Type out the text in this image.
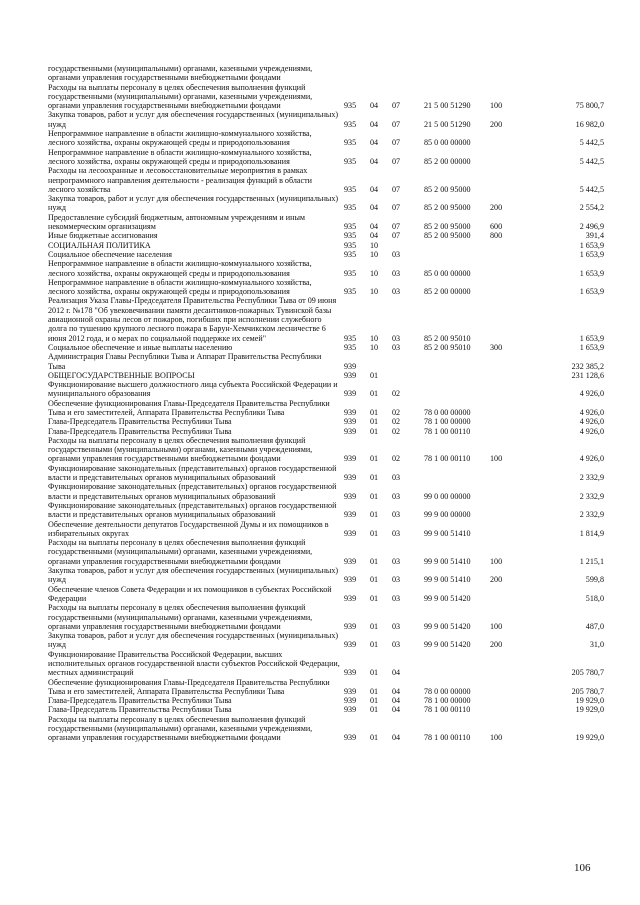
государственными (муниципальными) органами, казенными учреждениями, органами управления государственными внебюджетными фондами
Расходы на выплаты персоналу в целях обеспечения выполнения функций государственными (муниципальными) органами, казенными учреждениями, органами управления государственными внебюджетными фондами	935	04	07	21 5 00 51290	100	75 800,7
Закупка товаров, работ и услуг для обеспечения государственных (муниципальных) нужд	935	04	07	21 5 00 51290	200	16 982,0
Непрограммное направление в области жилищно-коммунального хозяйства, лесного хозяйства, охраны окружающей среды и природопользования	935	04	07	85 0 00 00000	5 442,5
Непрограммное направление в области жилищно-коммунального хозяйства, лесного хозяйства, охраны окружающей среды и природопользования	935	04	07	85 2 00 00000	5 442,5
Расходы на лесоохранные и лесовосстановительные мероприятия в рамках непрограммного направления деятельности - реализация функций в области лесного хозяйства	935	04	07	85 2 00 95000	5 442,5
Закупка товаров, работ и услуг для обеспечения государственных (муниципальных) нужд	935	04	07	85 2 00 95000	200	2 554,2
Предоставление субсидий бюджетным, автономным учреждениям и иным некоммерческим организациям	935	04	07	85 2 00 95000	600	2 496,9
Иные бюджетные ассигнования	935	04	07	85 2 00 95000	800	391,4
СОЦИАЛЬНАЯ ПОЛИТИКА	935	10	1 653,9
Социальное обеспечение населения	935	10	03	1 653,9
Непрограммное направление в области жилищно-коммунального хозяйства, лесного хозяйства, охраны окружающей среды и природопользования	935	10	03	85 0 00 00000	1 653,9
Непрограммное направление в области жилищно-коммунального хозяйства, лесного хозяйства, охраны окружающей среды и природопользования	935	10	03	85 2 00 00000	1 653,9
Реализация Указа Главы-Председателя Правительства Республики Тыва от 09 июня 2012 г. №178 "Об увековечивании памяти десантников-пожарных Тувинской базы авиационной охраны лесов от пожаров, погибших при исполнении служебного долга по тушению крупного лесного пожара в Барун-Хемчикском лесничестве 6 июня 2012 года, и о мерах по социальной поддержке их семей"	935	10	03	85 2 00 95010	1 653,9
Социальное обеспечение и иные выплаты населению	935	10	03	85 2 00 95010	300	1 653,9
Администрация Главы Республики Тыва и Аппарат Правительства Республики Тыва	939	232 385,2
ОБЩЕГОСУДАРСТВЕННЫЕ ВОПРОСЫ	939	01	231 128,6
Функционирование высшего должностного лица субъекта Российской Федерации и муниципального образования	939	01	02	4 926,0
Обеспечение функционирования Главы-Председателя Правительства Республики Тыва и его заместителей, Аппарата Правительства Республики Тыва	939	01	02	78 0 00 00000	4 926,0
Глава-Председатель Правительства Республики Тыва	939	01	02	78 1 00 00000	4 926,0
Глава-Председатель Правительства Республики Тыва	939	01	02	78 1 00 00110	4 926,0
Расходы на выплаты персоналу в целях обеспечения выполнения функций государственными (муниципальными) органами, казенными учреждениями, органами управления государственными внебюджетными фондами	939	01	02	78 1 00 00110	100	4 926,0
Функционирование законодательных (представительных) органов государственной власти и представительных органов муниципальных образований	939	01	03	2 332,9
Функционирование законодательных (представительных) органов государственной власти и представительных органов муниципальных образований	939	01	03	99 0 00 00000	2 332,9
Функционирование законодательных (представительных) органов государственной власти и представительных органов муниципальных образований	939	01	03	99 9 00 00000	2 332,9
Обеспечение деятельности депутатов Государственной Думы и их помощников в избирательных округах	939	01	03	99 9 00 51410	1 814,9
Расходы на выплаты персоналу в целях обеспечения выполнения функций государственными (муниципальными) органами, казенными учреждениями, органами управления государственными внебюджетными фондами	939	01	03	99 9 00 51410	100	1 215,1
Закупка товаров, работ и услуг для обеспечения государственных (муниципальных) нужд	939	01	03	99 9 00 51410	200	599,8
Обеспечение членов Совета Федерации и их помощников в субъектах Российской Федерации	939	01	03	99 9 00 51420	518,0
Расходы на выплаты персоналу в целях обеспечения выполнения функций государственными (муниципальными) органами, казенными учреждениями, органами управления государственными внебюджетными фондами	939	01	03	99 9 00 51420	100	487,0
Закупка товаров, работ и услуг для обеспечения государственных (муниципальных) нужд	939	01	03	99 9 00 51420	200	31,0
Функционирование Правительства Российской Федерации, высших исполнительных органов государственной власти субъектов Российской Федерации, местных администраций	939	01	04	205 780,7
Обеспечение функционирования Главы-Председателя Правительства Республики Тыва и его заместителей, Аппарата Правительства Республики Тыва	939	01	04	78 0 00 00000	205 780,7
Глава-Председатель Правительства Республики Тыва	939	01	04	78 1 00 00000	19 929,0
Глава-Председатель Правительства Республики Тыва	939	01	04	78 1 00 00110	19 929,0
Расходы на выплаты персоналу в целях обеспечения выполнения функций государственными (муниципальными) органами, казенными учреждениями, органами управления государственными внебюджетными фондами	939	01	04	78 1 00 00110	100	19 929,0
106
